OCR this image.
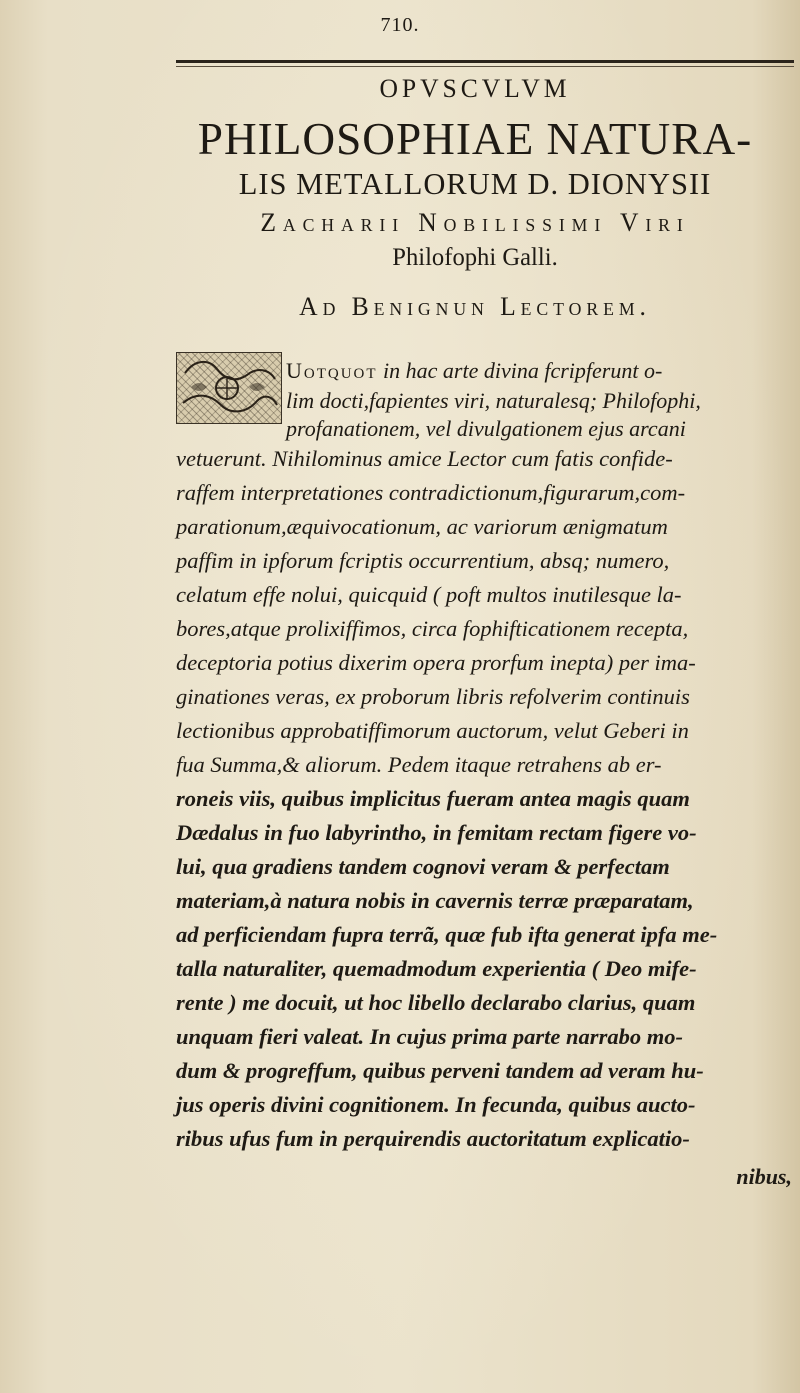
710.
OPVSCVLVM
PHILOSOPHIAE NATURA-
LIS METALLORUM D. DIONYSII
Zacharii Nobilissimi Viri
Philofophi Galli.
Ad Benignun Lectorem.
Uotquot in hac arte divina fcripferunt o-
lim docti,fapientes viri, naturalesq; Philofophi,
profanationem, vel divulgationem ejus arcani
vetuerunt. Nihilominus amice Lector cum fatis confide-
raffem interpretationes contradictionum,figurarum,com-
parationum,æquivocationum, ac variorum ænigmatum
paffim in ipforum fcriptis occurrentium, absq; numero,
celatum effe nolui, quicquid ( poft multos inutilesque la-
bores,atque prolixiffimos, circa fophifticationem recepta,
deceptoria potius dixerim opera prorfum inepta) per ima-
ginationes veras, ex proborum libris refolverim continuis
lectionibus approbatiffimorum auctorum, velut Geberi in
fua Summa,& aliorum. Pedem itaque retrahens ab er-
roneis viis, quibus implicitus fueram antea magis quam
Dædalus in fuo labyrintho, in femitam rectam figere vo-
lui, qua gradiens tandem cognovi veram & perfectam
materiam,à natura nobis in cavernis terræ præparatam,
ad perficiendam fupra terrã, quæ fub ifta generat ipfa me-
talla naturaliter, quemadmodum experientia ( Deo mife-
rente ) me docuit, ut hoc libello declarabo clarius, quam
unquam fieri valeat. In cujus prima parte narrabo mo-
dum & progreffum, quibus perveni tandem ad veram hu-
jus operis divini cognitionem. In fecunda, quibus aucto-
ribus ufus fum in perquirendis auctoritatum explicatio-
nibus,
